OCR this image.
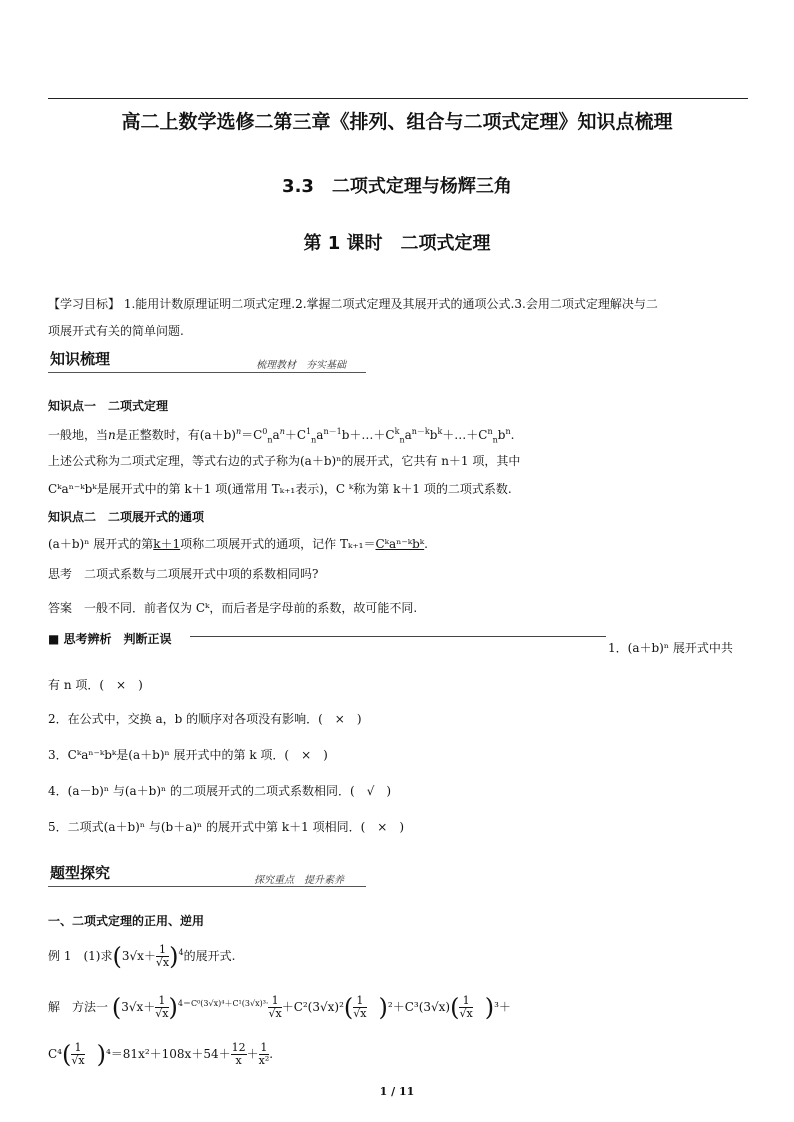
高二上数学选修二第三章《排列、组合与二项式定理》知识点梳理
3.3　二项式定理与杨辉三角
第 1 课时　二项式定理
【学习目标】 1.能用计数原理证明二项式定理.2.掌握二项式定理及其展开式的通项公式.3.会用二项式定理解决与二
项展开式有关的简单问题.
知识梳理	梳理教材　夯实基础
知识点一　二项式定理
一般地，当n是正整数时，有$(a+b)^n=C^0_na^n+C^1_na^{n-1}b+\dots+C^k_na^{n-k}b^k+\dots+C^n_nb^n$.
上述公式称为二项式定理，等式右边的式子称为(a＋b)ⁿ的展开式，它共有 n＋1 项，其中
Cᵏaⁿ⁻ᵏbᵏ是展开式中的第 k＋1 项(通常用 Tₖ₊₁表示)，C ᵏ称为第 k＋1 项的二项式系数.
知识点二　二项展开式的通项
(a＋b)ⁿ 展开式的第k＋1项称二项展开式的通项，记作 Tₖ₊₁＝Cᵏaⁿ⁻ᵏbᵏ.
思考　二项式系数与二项展开式中项的系数相同吗?
答案　一般不同．前者仅为 Cᵏ，而后者是字母前的系数，故可能不同.
■ 思考辨析　判断正误
1．(a＋b)ⁿ 展开式中共
有 n 项．(　×　)
2．在公式中，交换 a，b 的顺序对各项没有影响．(　×　)
3．Cᵏaⁿ⁻ᵏbᵏ是(a＋b)ⁿ 展开式中的第 k 项．(　×　)
4．(a－b)ⁿ 与(a＋b)ⁿ 的二项展开式的二项式系数相同．(　√　)
5．二项式(a＋b)ⁿ 与(b＋a)ⁿ 的展开式中第 k＋1 项相同．(　×　)
题型探究	探究重点　提升素养
一、二项式定理的正用、逆用
例 1　 (1)求$(3√x+ \frac{1}{√x} )^4$的展开式.
解　方法一 $(3√x+ \frac{1}{√x} )^{4=C^0(3√x)^4+C^1(3√x)^3\cdot} \frac{1}{√x} +C^2(3√x)^2( \frac{1}{√x}$
　 )$^2+C^3(3√x)( \frac{1}{√x}$
　 )³＋
$C^4( \frac{1}{√x}$
　 )$^4=81x^2+108x+54+ \frac{12}{x} + \frac{1}{\text{x²}}$ .
1 / 11
